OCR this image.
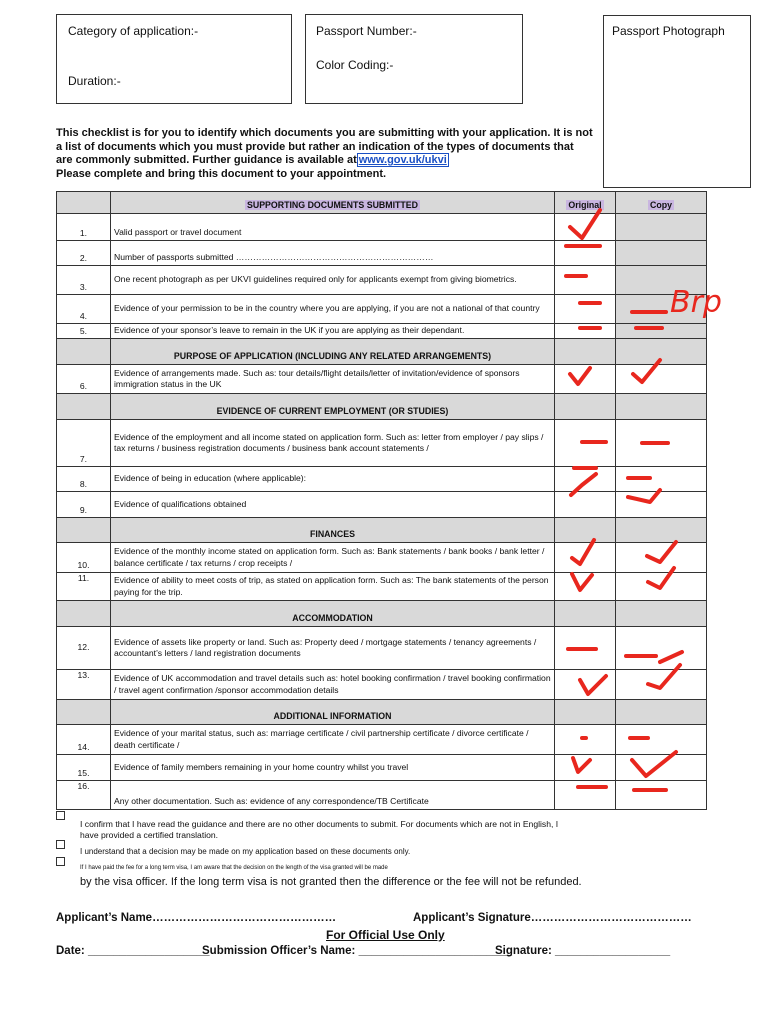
Category of application:-
Duration:-
Passport Number:-
Color Coding:-
Passport Photograph
This checklist is for you to identify which documents you are submitting with your application. It is not
a list of documents which you must provide but rather an indication of the types of documents that
are commonly submitted. Further guidance is available at www.gov.uk/ukvi
Please complete and bring this document to your appointment.
	SUPPORTING DOCUMENTS SUBMITTED	Original	Copy
1.	Valid passport or travel document		
2.	Number of passports submitted ……………………………………………………………		
3.	One recent photograph as per UKVI guidelines required only for applicants exempt from giving biometrics.		
4.	Evidence of your permission to be in the country where you are applying, if you are not a national of that country		
5.	Evidence of your sponsor’s leave to remain in the UK if you are applying as their dependant.		
	PURPOSE OF APPLICATION (INCLUDING ANY RELATED ARRANGEMENTS)		
6.	Evidence of arrangements made. Such as: tour details/flight details/letter of invitation/evidence of sponsors immigration status in the UK		
	EVIDENCE OF CURRENT EMPLOYMENT (OR STUDIES)		
7.	Evidence of the employment and all income stated on application form. Such as: letter from employer / pay slips / tax returns / business registration documents / business bank account statements /		
8.	Evidence of being in education (where applicable):		
9.	Evidence of qualifications obtained		
	FINANCES		
10.	Evidence of the monthly income stated on application form. Such as: Bank statements / bank books / bank letter / balance certificate / tax returns / crop receipts /		
11.	Evidence of ability to meet costs of trip, as stated on application form. Such as: The bank statements of the person paying for the trip.		
	ACCOMMODATION		
12.	Evidence of assets like property or land. Such as: Property deed / mortgage statements / tenancy agreements / accountant’s letters / land registration documents		
13.	Evidence of UK accommodation and travel details such as: hotel booking confirmation / travel booking confirmation / travel agent confirmation /sponsor accommodation details		
	ADDITIONAL INFORMATION		
14.	Evidence of your marital status, such as: marriage certificate / civil partnership certificate / divorce certificate / death certificate /		
15.	Evidence of family members remaining in your home country whilst you travel		
16.	Any other documentation. Such as: evidence of any correspondence/TB Certificate		
I confirm that I have read the guidance and there are no other documents to submit. For documents which are not in English, I
have provided a certified translation.
I understand that a decision may be made on my application based on these documents only.
If I have paid the fee for a long term visa, I am aware that the decision on the length of the visa granted will be made
by the visa officer. If the long term visa is not granted then the difference or the fee will not be refunded.
Applicant’s Name…………………………………………	Applicant’s Signature……………………………………
For Official Use Only
Date: ___________________
Submission Officer’s Name: ________________________
Signature: __________________
Brp
